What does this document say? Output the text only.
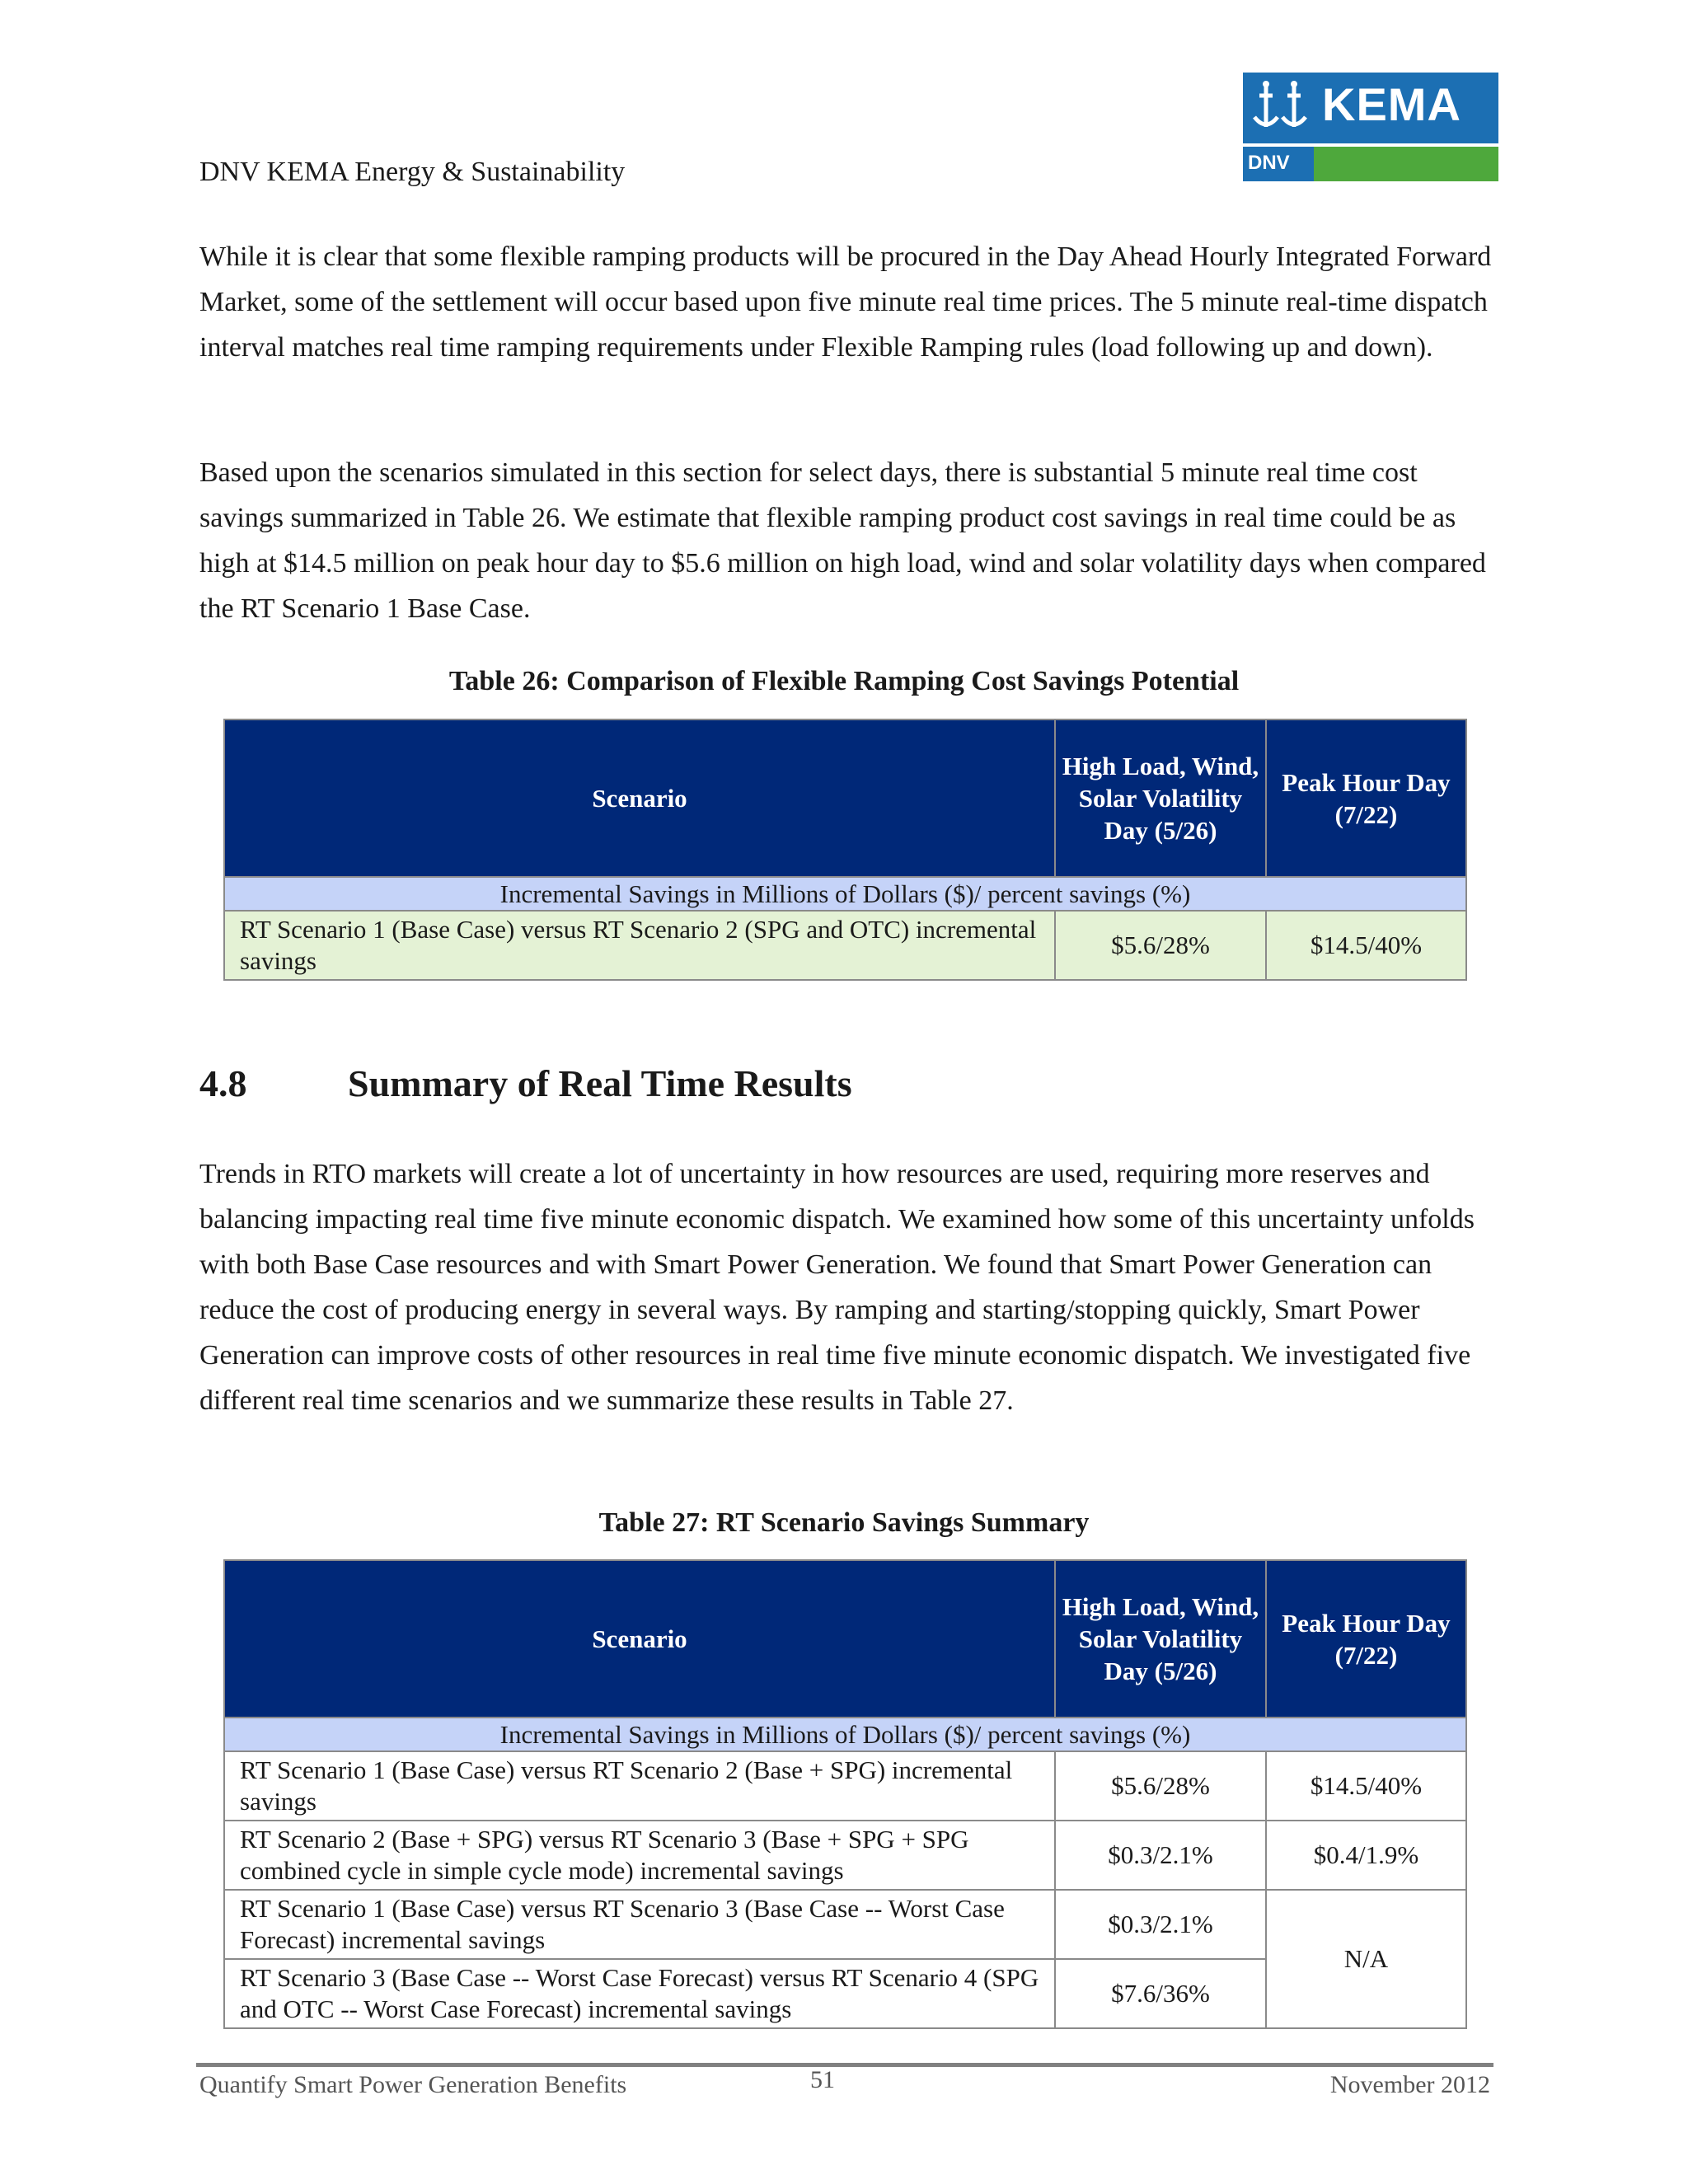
DNV KEMA Energy & Sustainability
KEMA
DNV

While it is clear that some flexible ramping products will be procured in the Day Ahead Hourly Integrated Forward Market, some of the settlement will occur based upon five minute real time prices. The 5 minute real-time dispatch interval matches real time ramping requirements under Flexible Ramping rules (load following up and down).

Based upon the scenarios simulated in this section for select days, there is substantial 5 minute real time cost savings summarized in Table 26. We estimate that flexible ramping product cost savings in real time could be as high at $14.5 million on peak hour day to $5.6 million on high load, wind and solar volatility days when compared the RT Scenario 1 Base Case.

Table 26: Comparison of Flexible Ramping Cost Savings Potential
Scenario	High Load, Wind, Solar Volatility Day (5/26)	Peak Hour Day (7/22)
Incremental Savings in Millions of Dollars ($)/ percent savings (%)		
RT Scenario 1 (Base Case) versus RT Scenario 2 (SPG and OTC) incremental savings	$5.6/28%	$14.5/40%
4.8	Summary of Real Time Results

Trends in RTO markets will create a lot of uncertainty in how resources are used, requiring more reserves and balancing impacting real time five minute economic dispatch. We examined how some of this uncertainty unfolds with both Base Case resources and with Smart Power Generation. We found that Smart Power Generation can reduce the cost of producing energy in several ways. By ramping and starting/stopping quickly, Smart Power Generation can improve costs of other resources in real time five minute economic dispatch. We investigated five different real time scenarios and we summarize these results in Table 27.

Table 27: RT Scenario Savings Summary
Scenario	High Load, Wind, Solar Volatility Day (5/26)	Peak Hour Day (7/22)
Incremental Savings in Millions of Dollars ($)/ percent savings (%)		
RT Scenario 1 (Base Case) versus RT Scenario 2 (Base + SPG) incremental savings	$5.6/28%	$14.5/40%
RT Scenario 2 (Base + SPG) versus RT Scenario 3 (Base + SPG + SPG combined cycle in simple cycle mode) incremental savings	$0.3/2.1%	$0.4/1.9%
RT Scenario 1 (Base Case) versus RT Scenario 3 (Base Case -- Worst Case Forecast) incremental savings	$0.3/2.1%	N/A
RT Scenario 3 (Base Case -- Worst Case Forecast) versus RT Scenario 4 (SPG and OTC -- Worst Case Forecast) incremental savings	$7.6/36%	
Quantify Smart Power Generation Benefits	51	November 2012
